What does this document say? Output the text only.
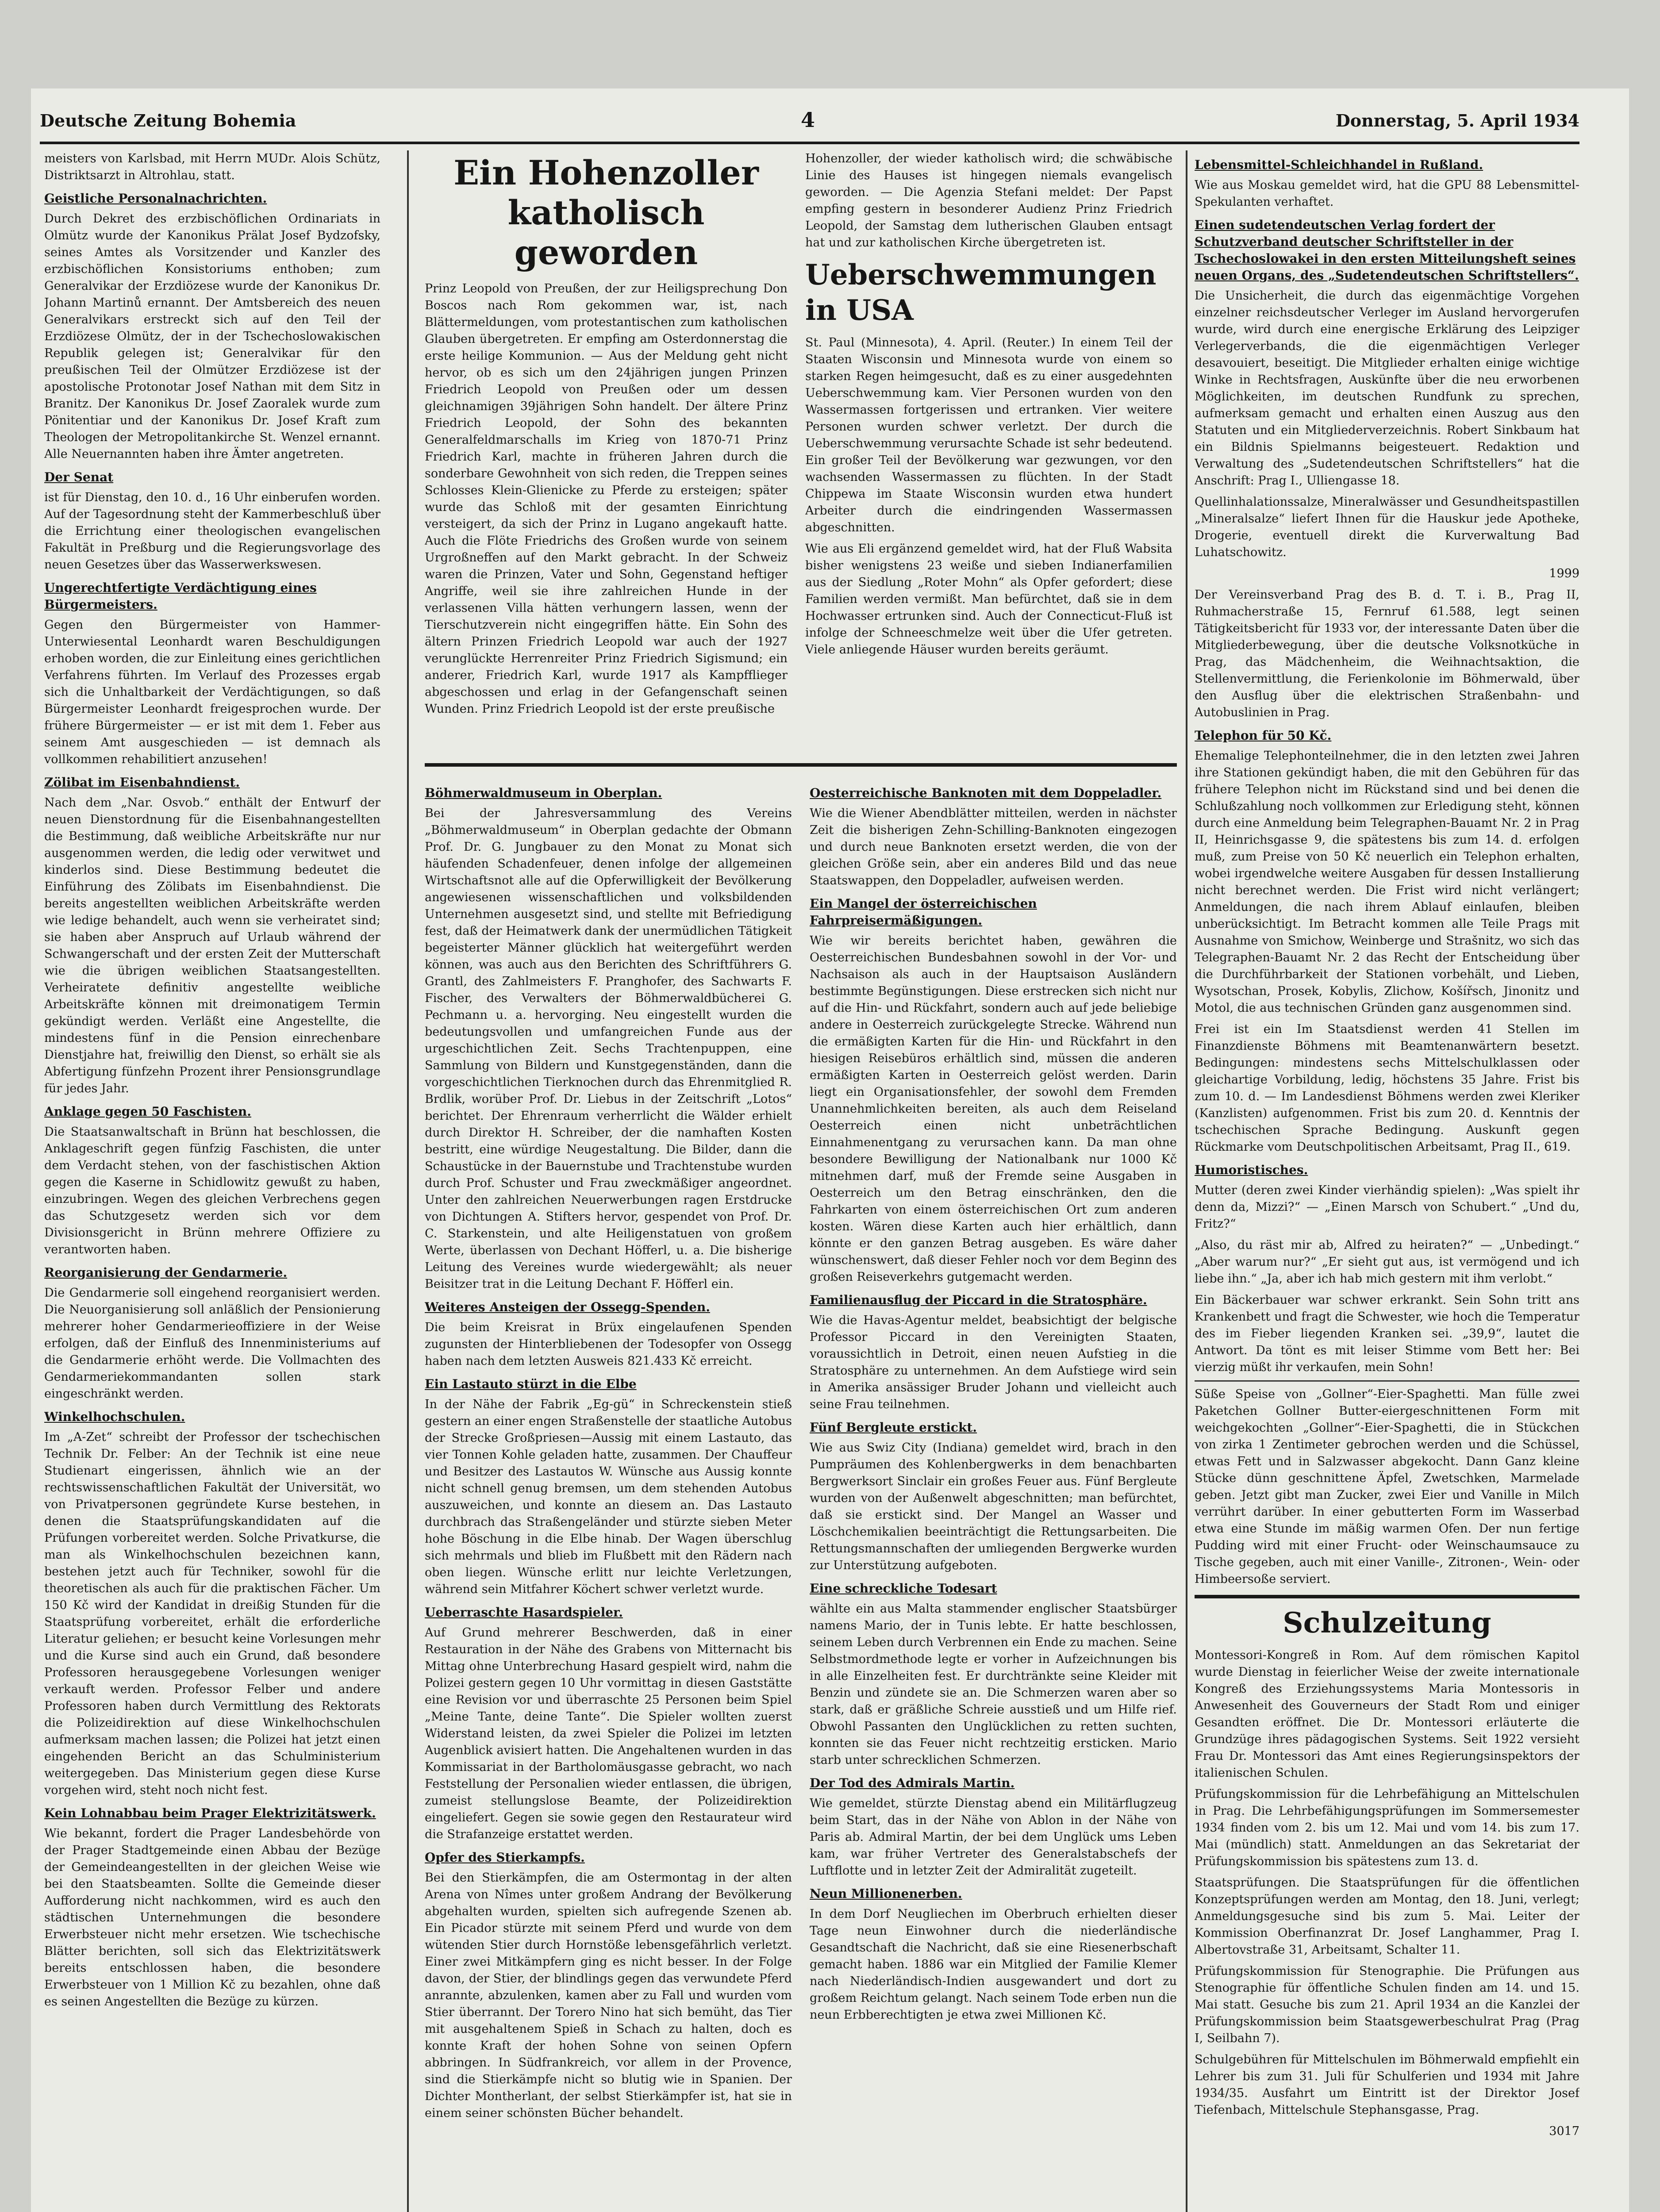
Deutsche Zeitung Bohemia	4	Donnerstag, 5. April 1934
meisters von Karlsbad, mit Herrn MUDr. Alois Schütz, Distriktsarzt in Altrohlau, statt.
Geistliche Personalnachrichten.
Durch Dekret des erzbischöflichen Ordinariats in Olmütz wurde der Kanonikus Prälat Josef Bydzofsky, seines Amtes als Vorsitzender und Kanzler des erzbischöflichen Konsistoriums enthoben; zum Generalvikar der Erzdiözese wurde der Kanonikus Dr. Johann Martinů ernannt. Der Amtsbereich des neuen Generalvikars erstreckt sich auf den Teil der Erzdiözese Olmütz, der in der Tschechoslowakischen Republik gelegen ist; Generalvikar für den preußischen Teil der Olmützer Erzdiözese ist der apostolische Protonotar Josef Nathan mit dem Sitz in Branitz. Der Kanonikus Dr. Josef Zaoralek wurde zum Pönitentiar und der Kanonikus Dr. Josef Kraft zum Theologen der Metropolitankirche St. Wenzel ernannt. Alle Neuernannten haben ihre Ämter angetreten.
Der Senat
ist für Dienstag, den 10. d., 16 Uhr einberufen worden. Auf der Tagesordnung steht der Kammerbeschluß über die Errichtung einer theologischen evangelischen Fakultät in Preßburg und die Regierungsvorlage des neuen Gesetzes über das Wasserwerkswesen.
Ungerechtfertigte Verdächtigung eines Bürgermeisters.
Gegen den Bürgermeister von Hammer-Unterwiesental Leonhardt waren Beschuldigungen erhoben worden, die zur Einleitung eines gerichtlichen Verfahrens führten. Im Verlauf des Prozesses ergab sich die Unhaltbarkeit der Verdächtigungen, so daß Bürgermeister Leonhardt freigesprochen wurde. Der frühere Bürgermeister — er ist mit dem 1. Feber aus seinem Amt ausgeschieden — ist demnach als vollkommen rehabilitiert anzusehen!
Zölibat im Eisenbahndienst.
Nach dem „Nar. Osvob.“ enthält der Entwurf der neuen Dienstordnung für die Eisenbahnangestellten die Bestimmung, daß weibliche Arbeitskräfte nur nur ausgenommen werden, die ledig oder verwitwet und kinderlos sind. Diese Bestimmung bedeutet die Einführung des Zölibats im Eisenbahndienst. Die bereits angestellten weiblichen Arbeitskräfte werden wie ledige behandelt, auch wenn sie verheiratet sind; sie haben aber Anspruch auf Urlaub während der Schwangerschaft und der ersten Zeit der Mutterschaft wie die übrigen weiblichen Staatsangestellten. Verheiratete definitiv angestellte weibliche Arbeitskräfte können mit dreimonatigem Termin gekündigt werden. Verläßt eine Angestellte, die mindestens fünf in die Pension einrechenbare Dienstjahre hat, freiwillig den Dienst, so erhält sie als Abfertigung fünfzehn Prozent ihrer Pensionsgrundlage für jedes Jahr.
Anklage gegen 50 Faschisten.
Die Staatsanwaltschaft in Brünn hat beschlossen, die Anklageschrift gegen fünfzig Faschisten, die unter dem Verdacht stehen, von der faschistischen Aktion gegen die Kaserne in Schidlowitz gewußt zu haben, einzubringen. Wegen des gleichen Verbrechens gegen das Schutzgesetz werden sich vor dem Divisionsgericht in Brünn mehrere Offiziere zu verantworten haben.
Reorganisierung der Gendarmerie.
Die Gendarmerie soll eingehend reorganisiert werden. Die Neuorganisierung soll anläßlich der Pensionierung mehrerer hoher Gendarmerieoffiziere in der Weise erfolgen, daß der Einfluß des Innenministeriums auf die Gendarmerie erhöht werde. Die Vollmachten des Gendarmeriekommandanten sollen stark eingeschränkt werden.
Winkelhochschulen.
Im „A-Zet“ schreibt der Professor der tschechischen Technik Dr. Felber: An der Technik ist eine neue Studienart eingerissen, ähnlich wie an der rechtswissenschaftlichen Fakultät der Universität, wo von Privatpersonen gegründete Kurse bestehen, in denen die Staatsprüfungskandidaten auf die Prüfungen vorbereitet werden. Solche Privatkurse, die man als Winkelhochschulen bezeichnen kann, bestehen jetzt auch für Techniker, sowohl für die theoretischen als auch für die praktischen Fächer. Um 150 Kč wird der Kandidat in dreißig Stunden für die Staatsprüfung vorbereitet, erhält die erforderliche Literatur geliehen; er besucht keine Vorlesungen mehr und die Kurse sind auch ein Grund, daß besondere Professoren herausgegebene Vorlesungen weniger verkauft werden. Professor Felber und andere Professoren haben durch Vermittlung des Rektorats die Polizeidirektion auf diese Winkelhochschulen aufmerksam machen lassen; die Polizei hat jetzt einen eingehenden Bericht an das Schulministerium weitergegeben. Das Ministerium gegen diese Kurse vorgehen wird, steht noch nicht fest.
Kein Lohnabbau beim Prager Elektrizitätswerk.
Wie bekannt, fordert die Prager Landesbehörde von der Prager Stadtgemeinde einen Abbau der Bezüge der Gemeindeangestellten in der gleichen Weise wie bei den Staatsbeamten. Sollte die Gemeinde dieser Aufforderung nicht nachkommen, wird es auch den städtischen Unternehmungen die besondere Erwerbsteuer nicht mehr ersetzen. Wie tschechische Blätter berichten, soll sich das Elektrizitätswerk bereits entschlossen haben, die besondere Erwerbsteuer von 1 Million Kč zu bezahlen, ohne daß es seinen Angestellten die Bezüge zu kürzen.
Ein Hohenzoller katholisch geworden
Prinz Leopold von Preußen, der zur Heiligsprechung Don Boscos nach Rom gekommen war, ist, nach Blättermeldungen, vom protestantischen zum katholischen Glauben übergetreten. Er empfing am Osterdonnerstag die erste heilige Kommunion. — Aus der Meldung geht nicht hervor, ob es sich um den 24jährigen jungen Prinzen Friedrich Leopold von Preußen oder um dessen gleichnamigen 39jährigen Sohn handelt. Der ältere Prinz Friedrich Leopold, der Sohn des bekannten Generalfeldmarschalls im Krieg von 1870-71 Prinz Friedrich Karl, machte in früheren Jahren durch die sonderbare Gewohnheit von sich reden, die Treppen seines Schlosses Klein-Glienicke zu Pferde zu ersteigen; später wurde das Schloß mit der gesamten Einrichtung versteigert, da sich der Prinz in Lugano angekauft hatte. Auch die Flöte Friedrichs des Großen wurde von seinem Urgroßneffen auf den Markt gebracht. In der Schweiz waren die Prinzen, Vater und Sohn, Gegenstand heftiger Angriffe, weil sie ihre zahlreichen Hunde in der verlassenen Villa hätten verhungern lassen, wenn der Tierschutzverein nicht eingegriffen hätte. Ein Sohn des ältern Prinzen Friedrich Leopold war auch der 1927 verunglückte Herrenreiter Prinz Friedrich Sigismund; ein anderer, Friedrich Karl, wurde 1917 als Kampfflieger abgeschossen und erlag in der Gefangenschaft seinen Wunden. Prinz Friedrich Leopold ist der erste preußische
Hohenzoller, der wieder katholisch wird; die schwäbische Linie des Hauses ist hingegen niemals evangelisch geworden. — Die Agenzia Stefani meldet: Der Papst empfing gestern in besonderer Audienz Prinz Friedrich Leopold, der Samstag dem lutherischen Glauben entsagt hat und zur katholischen Kirche übergetreten ist.
Ueberschwemmungen in USA
St. Paul (Minnesota), 4. April. (Reuter.) In einem Teil der Staaten Wisconsin und Minnesota wurde von einem so starken Regen heimgesucht, daß es zu einer ausgedehnten Ueberschwemmung kam. Vier Personen wurden von den Wassermassen fortgerissen und ertranken. Vier weitere Personen wurden schwer verletzt. Der durch die Ueberschwemmung verursachte Schade ist sehr bedeutend. Ein großer Teil der Bevölkerung war gezwungen, vor den wachsenden Wassermassen zu flüchten. In der Stadt Chippewa im Staate Wisconsin wurden etwa hundert Arbeiter durch die eindringenden Wassermassen abgeschnitten.
Wie aus Eli ergänzend gemeldet wird, hat der Fluß Wabsita bisher wenigstens 23 weiße und sieben Indianerfamilien aus der Siedlung „Roter Mohn“ als Opfer gefordert; diese Familien werden vermißt. Man befürchtet, daß sie in dem Hochwasser ertrunken sind. Auch der Connecticut-Fluß ist infolge der Schneeschmelze weit über die Ufer getreten. Viele anliegende Häuser wurden bereits geräumt.
Böhmerwaldmuseum in Oberplan.
Bei der Jahresversammlung des Vereins „Böhmerwaldmuseum“ in Oberplan gedachte der Obmann Prof. Dr. G. Jungbauer zu den Monat zu Monat sich häufenden Schadenfeuer, denen infolge der allgemeinen Wirtschaftsnot alle auf die Opferwilligkeit der Bevölkerung angewiesenen wissenschaftlichen und volksbildenden Unternehmen ausgesetzt sind, und stellte mit Befriedigung fest, daß der Heimatwerk dank der unermüdlichen Tätigkeit begeisterter Männer glücklich hat weitergeführt werden können, was auch aus den Berichten des Schriftführers G. Grantl, des Zahlmeisters F. Pranghofer, des Sachwarts F. Fischer, des Verwalters der Böhmerwaldbücherei G. Pechmann u. a. hervorging. Neu eingestellt wurden die bedeutungsvollen und umfangreichen Funde aus der urgeschichtlichen Zeit. Sechs Trachtenpuppen, eine Sammlung von Bildern und Kunstgegenständen, dann die vorgeschichtlichen Tierknochen durch das Ehrenmitglied R. Brdlik, worüber Prof. Dr. Liebus in der Zeitschrift „Lotos“ berichtet. Der Ehrenraum verherrlicht die Wälder erhielt durch Direktor H. Schreiber, der die namhaften Kosten bestritt, eine würdige Neugestaltung. Die Bilder, dann die Schaustücke in der Bauernstube und Trachtenstube wurden durch Prof. Schuster und Frau zweckmäßiger angeordnet. Unter den zahlreichen Neuerwerbungen ragen Erstdrucke von Dichtungen A. Stifters hervor, gespendet von Prof. Dr. C. Starkenstein, und alte Heiligenstatuen von großem Werte, überlassen von Dechant Höfferl, u. a. Die bisherige Leitung des Vereines wurde wiedergewählt; als neuer Beisitzer trat in die Leitung Dechant F. Höfferl ein.
Weiteres Ansteigen der Ossegg-Spenden.
Die beim Kreisrat in Brüx eingelaufenen Spenden zugunsten der Hinterbliebenen der Todesopfer von Ossegg haben nach dem letzten Ausweis 821.433 Kč erreicht.
Ein Lastauto stürzt in die Elbe
In der Nähe der Fabrik „Eg-gü“ in Schreckenstein stieß gestern an einer engen Straßenstelle der staatliche Autobus der Strecke Großpriesen—Aussig mit einem Lastauto, das vier Tonnen Kohle geladen hatte, zusammen. Der Chauffeur und Besitzer des Lastautos W. Wünsche aus Aussig konnte nicht schnell genug bremsen, um dem stehenden Autobus auszuweichen, und konnte an diesem an. Das Lastauto durchbrach das Straßengeländer und stürzte sieben Meter hohe Böschung in die Elbe hinab. Der Wagen überschlug sich mehrmals und blieb im Flußbett mit den Rädern nach oben liegen. Wünsche erlitt nur leichte Verletzungen, während sein Mitfahrer Köchert schwer verletzt wurde.
Ueberraschte Hasardspieler.
Auf Grund mehrerer Beschwerden, daß in einer Restauration in der Nähe des Grabens von Mitternacht bis Mittag ohne Unterbrechung Hasard gespielt wird, nahm die Polizei gestern gegen 10 Uhr vormittag in diesen Gaststätte eine Revision vor und überraschte 25 Personen beim Spiel „Meine Tante, deine Tante“. Die Spieler wollten zuerst Widerstand leisten, da zwei Spieler die Polizei im letzten Augenblick avisiert hatten. Die Angehaltenen wurden in das Kommissariat in der Bartholomäusgasse gebracht, wo nach Feststellung der Personalien wieder entlassen, die übrigen, zumeist stellungslose Beamte, der Polizeidirektion eingeliefert. Gegen sie sowie gegen den Restaurateur wird die Strafanzeige erstattet werden.
Opfer des Stierkampfs.
Bei den Stierkämpfen, die am Ostermontag in der alten Arena von Nîmes unter großem Andrang der Bevölkerung abgehalten wurden, spielten sich aufregende Szenen ab. Ein Picador stürzte mit seinem Pferd und wurde von dem wütenden Stier durch Hornstöße lebensgefährlich verletzt. Einer zwei Mitkämpfern ging es nicht besser. In der Folge davon, der Stier, der blindlings gegen das verwundete Pferd anrannte, abzulenken, kamen aber zu Fall und wurden vom Stier überrannt. Der Torero Nino hat sich bemüht, das Tier mit ausgehaltenem Spieß in Schach zu halten, doch es konnte Kraft der hohen Sohne von seinen Opfern abbringen. In Südfrankreich, vor allem in der Provence, sind die Stierkämpfe nicht so blutig wie in Spanien. Der Dichter Montherlant, der selbst Stierkämpfer ist, hat sie in einem seiner schönsten Bücher behandelt.
Oesterreichische Banknoten mit dem Doppeladler.
Wie die Wiener Abendblätter mitteilen, werden in nächster Zeit die bisherigen Zehn-Schilling-Banknoten eingezogen und durch neue Banknoten ersetzt werden, die von der gleichen Größe sein, aber ein anderes Bild und das neue Staatswappen, den Doppeladler, aufweisen werden.
Ein Mangel der österreichischen Fahrpreisermäßigungen.
Wie wir bereits berichtet haben, gewähren die Oesterreichischen Bundesbahnen sowohl in der Vor- und Nachsaison als auch in der Hauptsaison Ausländern bestimmte Begünstigungen. Diese erstrecken sich nicht nur auf die Hin- und Rückfahrt, sondern auch auf jede beliebige andere in Oesterreich zurückgelegte Strecke. Während nun die ermäßigten Karten für die Hin- und Rückfahrt in den hiesigen Reisebüros erhältlich sind, müssen die anderen ermäßigten Karten in Oesterreich gelöst werden. Darin liegt ein Organisationsfehler, der sowohl dem Fremden Unannehmlichkeiten bereiten, als auch dem Reiseland Oesterreich einen nicht unbeträchtlichen Einnahmenentgang zu verursachen kann. Da man ohne besondere Bewilligung der Nationalbank nur 1000 Kč mitnehmen darf, muß der Fremde seine Ausgaben in Oesterreich um den Betrag einschränken, den die Fahrkarten von einem österreichischen Ort zum anderen kosten. Wären diese Karten auch hier erhältlich, dann könnte er den ganzen Betrag ausgeben. Es wäre daher wünschenswert, daß dieser Fehler noch vor dem Beginn des großen Reiseverkehrs gutgemacht werden.
Familienausflug der Piccard in die Stratosphäre.
Wie die Havas-Agentur meldet, beabsichtigt der belgische Professor Piccard in den Vereinigten Staaten, voraussichtlich in Detroit, einen neuen Aufstieg in die Stratosphäre zu unternehmen. An dem Aufstiege wird sein in Amerika ansässiger Bruder Johann und vielleicht auch seine Frau teilnehmen.
Fünf Bergleute erstickt.
Wie aus Swiz City (Indiana) gemeldet wird, brach in den Pumpräumen des Kohlenbergwerks in dem benachbarten Bergwerksort Sinclair ein großes Feuer aus. Fünf Bergleute wurden von der Außenwelt abgeschnitten; man befürchtet, daß sie erstickt sind. Der Mangel an Wasser und Löschchemikalien beeinträchtigt die Rettungsarbeiten. Die Rettungsmannschaften der umliegenden Bergwerke wurden zur Unterstützung aufgeboten.
Eine schreckliche Todesart
wählte ein aus Malta stammender englischer Staatsbürger namens Mario, der in Tunis lebte. Er hatte beschlossen, seinem Leben durch Verbrennen ein Ende zu machen. Seine Selbstmordmethode legte er vorher in Aufzeichnungen bis in alle Einzelheiten fest. Er durchtränkte seine Kleider mit Benzin und zündete sie an. Die Schmerzen waren aber so stark, daß er gräßliche Schreie ausstieß und um Hilfe rief. Obwohl Passanten den Unglücklichen zu retten suchten, konnten sie das Feuer nicht rechtzeitig ersticken. Mario starb unter schrecklichen Schmerzen.
Der Tod des Admirals Martin.
Wie gemeldet, stürzte Dienstag abend ein Militärflugzeug beim Start, das in der Nähe von Ablon in der Nähe von Paris ab. Admiral Martin, der bei dem Unglück ums Leben kam, war früher Vertreter des Generalstabschefs der Luftflotte und in letzter Zeit der Admiralität zugeteilt.
Neun Millionenerben.
In dem Dorf Neugliechen im Oberbruch erhielten dieser Tage neun Einwohner durch die niederländische Gesandtschaft die Nachricht, daß sie eine Riesenerbschaft gemacht haben. 1886 war ein Mitglied der Familie Klemer nach Niederländisch-Indien ausgewandert und dort zu großem Reichtum gelangt. Nach seinem Tode erben nun die neun Erbberechtigten je etwa zwei Millionen Kč.
Lebensmittel-Schleichhandel in Rußland.
Wie aus Moskau gemeldet wird, hat die GPU 88 Lebensmittel-Spekulanten verhaftet.
Einen sudetendeutschen Verlag fordert der Schutzverband deutscher Schriftsteller in der Tschechoslowakei in den ersten Mitteilungsheft seines neuen Organs, des „Sudetendeutschen Schriftstellers“.
Die Unsicherheit, die durch das eigenmächtige Vorgehen einzelner reichsdeutscher Verleger im Ausland hervorgerufen wurde, wird durch eine energische Erklärung des Leipziger Verlegerverbands, die die eigenmächtigen Verleger desavouiert, beseitigt. Die Mitglieder erhalten einige wichtige Winke in Rechtsfragen, Auskünfte über die neu erworbenen Möglichkeiten, im deutschen Rundfunk zu sprechen, aufmerksam gemacht und erhalten einen Auszug aus den Statuten und ein Mitgliederverzeichnis. Robert Sinkbaum hat ein Bildnis Spielmanns beigesteuert. Redaktion und Verwaltung des „Sudetendeutschen Schriftstellers“ hat die Anschrift: Prag I., Ulliengasse 18.
Quellinhalationssalze, Mineralwässer und Gesundheitspastillen „Mineralsalze“ liefert Ihnen für die Hauskur jede Apotheke, Drogerie, eventuell direkt die Kurverwaltung Bad Luhatschowitz.
1999
Der Vereinsverband Prag des B. d. T. i. B., Prag II, Ruhmacherstraße 15, Fernruf 61.588, legt seinen Tätigkeitsbericht für 1933 vor, der interessante Daten über die Mitgliederbewegung, über die deutsche Volksnotküche in Prag, das Mädchenheim, die Weihnachtsaktion, die Stellenvermittlung, die Ferienkolonie im Böhmerwald, über den Ausflug über die elektrischen Straßenbahn- und Autobuslinien in Prag.
Telephon für 50 Kč.
Ehemalige Telephonteilnehmer, die in den letzten zwei Jahren ihre Stationen gekündigt haben, die mit den Gebühren für das frühere Telephon nicht im Rückstand sind und bei denen die Schlußzahlung noch vollkommen zur Erledigung steht, können durch eine Anmeldung beim Telegraphen-Bauamt Nr. 2 in Prag II, Heinrichsgasse 9, die spätestens bis zum 14. d. erfolgen muß, zum Preise von 50 Kč neuerlich ein Telephon erhalten, wobei irgendwelche weitere Ausgaben für dessen Installierung nicht berechnet werden. Die Frist wird nicht verlängert; Anmeldungen, die nach ihrem Ablauf einlaufen, bleiben unberücksichtigt. Im Betracht kommen alle Teile Prags mit Ausnahme von Smichow, Weinberge und Strašnitz, wo sich das Telegraphen-Bauamt Nr. 2 das Recht der Entscheidung über die Durchführbarkeit der Stationen vorbehält, und Lieben, Wysotschan, Prosek, Kobylis, Zlichow, Košířsch, Jinonitz und Motol, die aus technischen Gründen ganz ausgenommen sind.
Frei ist ein Im Staatsdienst werden 41 Stellen im Finanzdienste Böhmens mit Beamtenanwärtern besetzt. Bedingungen: mindestens sechs Mittelschulklassen oder gleichartige Vorbildung, ledig, höchstens 35 Jahre. Frist bis zum 10. d. — Im Landesdienst Böhmens werden zwei Kleriker (Kanzlisten) aufgenommen. Frist bis zum 20. d. Kenntnis der tschechischen Sprache Bedingung. Auskunft gegen Rückmarke vom Deutschpolitischen Arbeitsamt, Prag II., 619.
Humoristisches.
Mutter (deren zwei Kinder vierhändig spielen): „Was spielt ihr denn da, Mizzi?“ — „Einen Marsch von Schubert.“ „Und du, Fritz?“
„Also, du räst mir ab, Alfred zu heiraten?“ — „Unbedingt.“ „Aber warum nur?“ „Er sieht gut aus, ist vermögend und ich liebe ihn.“ „Ja, aber ich hab mich gestern mit ihm verlobt.“
Ein Bäckerbauer war schwer erkrankt. Sein Sohn tritt ans Krankenbett und fragt die Schwester, wie hoch die Temperatur des im Fieber liegenden Kranken sei. „39,9“, lautet die Antwort. Da tönt es mit leiser Stimme vom Bett her: Bei vierzig müßt ihr verkaufen, mein Sohn!
Süße Speise von „Gollner“-Eier-Spaghetti. Man fülle zwei Paketchen Gollner Butter-eiergeschnittenen Form mit weichgekochten „Gollner“-Eier-Spaghetti, die in Stückchen von zirka 1 Zentimeter gebrochen werden und die Schüssel, etwas Fett und in Salzwasser abgekocht. Dann Ganz kleine Stücke dünn geschnittene Äpfel, Zwetschken, Marmelade geben. Jetzt gibt man Zucker, zwei Eier und Vanille in Milch verrührt darüber. In einer gebutterten Form im Wasserbad etwa eine Stunde im mäßig warmen Ofen. Der nun fertige Pudding wird mit einer Frucht- oder Weinschaumsauce zu Tische gegeben, auch mit einer Vanille-, Zitronen-, Wein- oder Himbeersoße serviert.
Schulzeitung
Montessori-Kongreß in Rom. Auf dem römischen Kapitol wurde Dienstag in feierlicher Weise der zweite internationale Kongreß des Erziehungssystems Maria Montessoris in Anwesenheit des Gouverneurs der Stadt Rom und einiger Gesandten eröffnet. Die Dr. Montessori erläuterte die Grundzüge ihres pädagogischen Systems. Seit 1922 versieht Frau Dr. Montessori das Amt eines Regierungsinspektors der italienischen Schulen.
Prüfungskommission für die Lehrbefähigung an Mittelschulen in Prag. Die Lehrbefähigungsprüfungen im Sommersemester 1934 finden vom 2. bis um 12. Mai und vom 14. bis zum 17. Mai (mündlich) statt. Anmeldungen an das Sekretariat der Prüfungskommission bis spätestens zum 13. d.
Staatsprüfungen. Die Staatsprüfungen für die öffentlichen Konzeptsprüfungen werden am Montag, den 18. Juni, verlegt; Anmeldungsgesuche sind bis zum 5. Mai. Leiter der Kommission Oberfinanzrat Dr. Josef Langhammer, Prag I. Albertovstraße 31, Arbeitsamt, Schalter 11.
Prüfungskommission für Stenographie. Die Prüfungen aus Stenographie für öffentliche Schulen finden am 14. und 15. Mai statt. Gesuche bis zum 21. April 1934 an die Kanzlei der Prüfungskommission beim Staatsgewerbeschulrat Prag (Prag I, Seilbahn 7).
Schulgebühren für Mittelschulen im Böhmerwald empfiehlt ein Lehrer bis zum 31. Juli für Schulferien und 1934 mit Jahre 1934/35. Ausfahrt um Eintritt ist der Direktor Josef Tiefenbach, Mittelschule Stephansgasse, Prag.
3017
